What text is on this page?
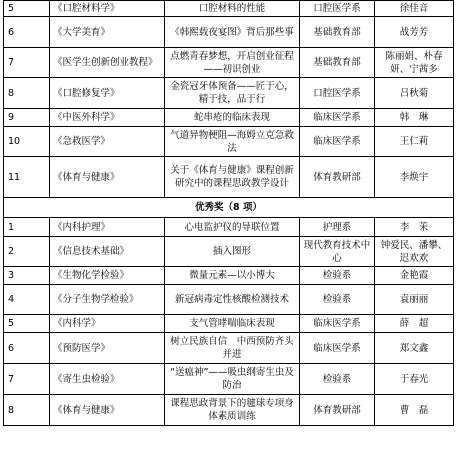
5	《口腔材料学》	口腔材料的性能	口腔医学系	徐佳音
6	《大学美育》	《韩熙载夜宴图》背后那些事	基础教育部	战芳芳
7	《医学生创新创业教程》	点燃青春梦想，开启创业征程——初识创业	基础教育部	陈丽娟、朴春妍、宁茜多
8	《口腔修复学》	金瓷冠牙体预备——匠于心，精于技，品于行	口腔医学系	吕秋菊
9	《中医外科学》	蛇串疮的临床表现	临床医学系	韩　琳
10	《急救医学》	气道异物梗阻—海姆立克急救法	临床医学系	王仁莉
11	《体育与健康》	关于《体育与健康》课程创新研究中的课程思政教学设计	体育教研部	李焕宇
优秀奖（8 项）				
1	《内科护理》	心电监护仪的导联位置	护理系	李　茉
2	《信息技术基础》	插入图形	现代教育技术中心	钟爱民、潘攀、迟欢欢
3	《生物化学检验》	微量元素—以小博大	检验系	金艳霞
4	《分子生物学检验》	新冠病毒定性核酸检测技术	检验系	袁丽丽
5	《内科学》	支气管哮喘临床表现	临床医学系	薛　超
6	《预防医学》	树立民族自信　中西预防齐头并进	临床医学系	郑文鑫
7	《寄生虫检验》	“送瘟神”——吸虫纲寄生虫及防治	检验系	于春光
8	《体育与健康》	课程思政背景下的毽球专项身体素质训练	体育教研部	曹　磊
